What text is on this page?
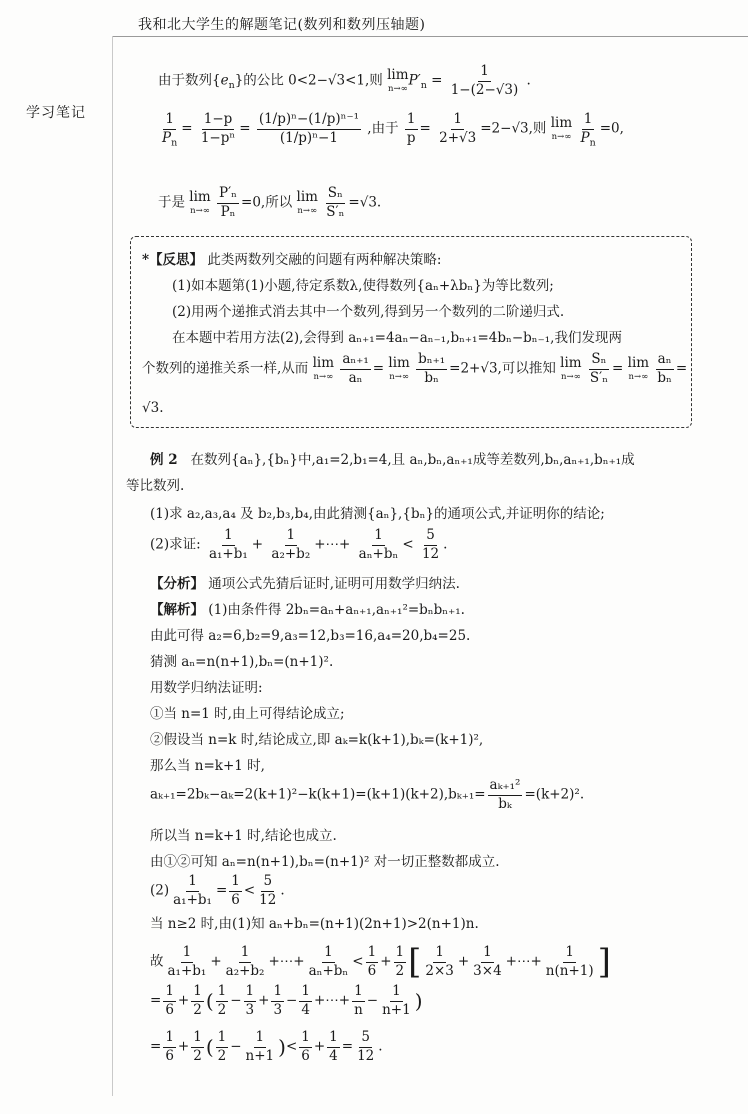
我和北大学生的解题笔记(数列和数列压轴题)
学习笔记
由于数列$\{e_n\}$的公比 0<2−√3<1,则 lim
n→∞ $P'_n = \frac{1}{1-(2-√3)}$ .
$\frac{1}{P_n} = \frac{1-p}{\text{1−pⁿ}} = \frac{\text{(1/p)ⁿ−(1/p)ⁿ⁻¹}}{\text{(1/p)ⁿ−1}}$ ,由于 $\frac{1}{p} = \frac{1}{2+√3} =2-√3$,则 lim
n→∞
$\frac{1}{P_n} =0$,
于是 lim
n→∞
$\frac{\text{P′ₙ}}{\text{Pₙ}} =0$,所以 lim
n→∞
$\frac{\text{Sₙ}}{\text{S′ₙ}} =√3$.
*【反思】 此类两数列交融的问题有两种解决策略:
(1)如本题第(1)小题,待定系数λ,使得数列{aₙ+λbₙ}为等比数列;
(2)用两个递推式消去其中一个数列,得到另一个数列的二阶递归式.
在本题中若用方法(2),会得到 aₙ₊₁=4aₙ−aₙ₋₁,bₙ₊₁=4bₙ−bₙ₋₁,我们发现两
个数列的递推关系一样,从而 lim
n→∞
$\frac{\text{aₙ₊₁}}{\text{aₙ}} = \lim$
n→∞
$\frac{\text{bₙ₊₁}}{\text{bₙ}} =2+√3$,可以推知 lim
n→∞
$\frac{\text{Sₙ}}{\text{S′ₙ}} = \lim$
n→∞
$\frac{\text{aₙ}}{\text{bₙ}}$ =
√3.
例 2 在数列{aₙ},{bₙ}中,a₁=2,b₁=4,且 aₙ,bₙ,aₙ₊₁成等差数列,bₙ,aₙ₊₁,bₙ₊₁成
等比数列.
(1)求 a₂,a₃,a₄ 及 b₂,b₃,b₄,由此猜测{aₙ},{bₙ}的通项公式,并证明你的结论;
(2)求证: $\frac{1}{\text{a₁+b₁}} + \frac{1}{\text{a₂+b₂}}$ +⋯+ $\frac{1}{\text{aₙ+bₙ}} < \frac{5}{12}$ .
【分析】 通项公式先猜后证时,证明可用数学归纳法.
【解析】 (1)由条件得 2bₙ=aₙ+aₙ₊₁,aₙ₊₁²=bₙbₙ₊₁.
由此可得 a₂=6,b₂=9,a₃=12,b₃=16,a₄=20,b₄=25.
猜测 aₙ=n(n+1),bₙ=(n+1)².
用数学归纳法证明:
①当 n=1 时,由上可得结论成立;
②假设当 n=k 时,结论成立,即 aₖ=k(k+1),bₖ=(k+1)²,
那么当 n=k+1 时,
$a_{k+1}=2b_k-a_k=2(k+1)^2-k(k+1)=(k+1)(k+2),b_{k+1}= \frac{\text{aₖ₊₁²}}{\text{bₖ}} =(k+2)^2$.
所以当 n=k+1 时,结论也成立.
由①②可知 aₙ=n(n+1),bₙ=(n+1)² 对一切正整数都成立.
$(2) \frac{1}{\text{a₁+b₁}} = \frac{1}{6} < \frac{5}{12}$ .
当 n≥2 时,由(1)知 aₙ+bₙ=(n+1)(2n+1)>2(n+1)n.
故 $\frac{1}{\text{a₁+b₁}} + \frac{1}{\text{a₂+b₂}}$ +⋯+ $\frac{1}{\text{aₙ+bₙ}} < \frac{1}{6} + \frac{1}{2}$ [ $\frac{1}{2\times 3} + \frac{1}{3\times 4}$ +⋯+ $\frac{1}{n(n+1)}$ ]
= $\frac{1}{6} + \frac{1}{2}$ ( $\frac{1}{2} - \frac{1}{3} + \frac{1}{3} - \frac{1}{4}$ +⋯+ $\frac{1}{n} - \frac{1}{n+1}$ )
= $\frac{1}{6} + \frac{1}{2}$ ( $\frac{1}{2} - \frac{1}{n+1}$ )< $\frac{1}{6} + \frac{1}{4} = \frac{5}{12}$ .
